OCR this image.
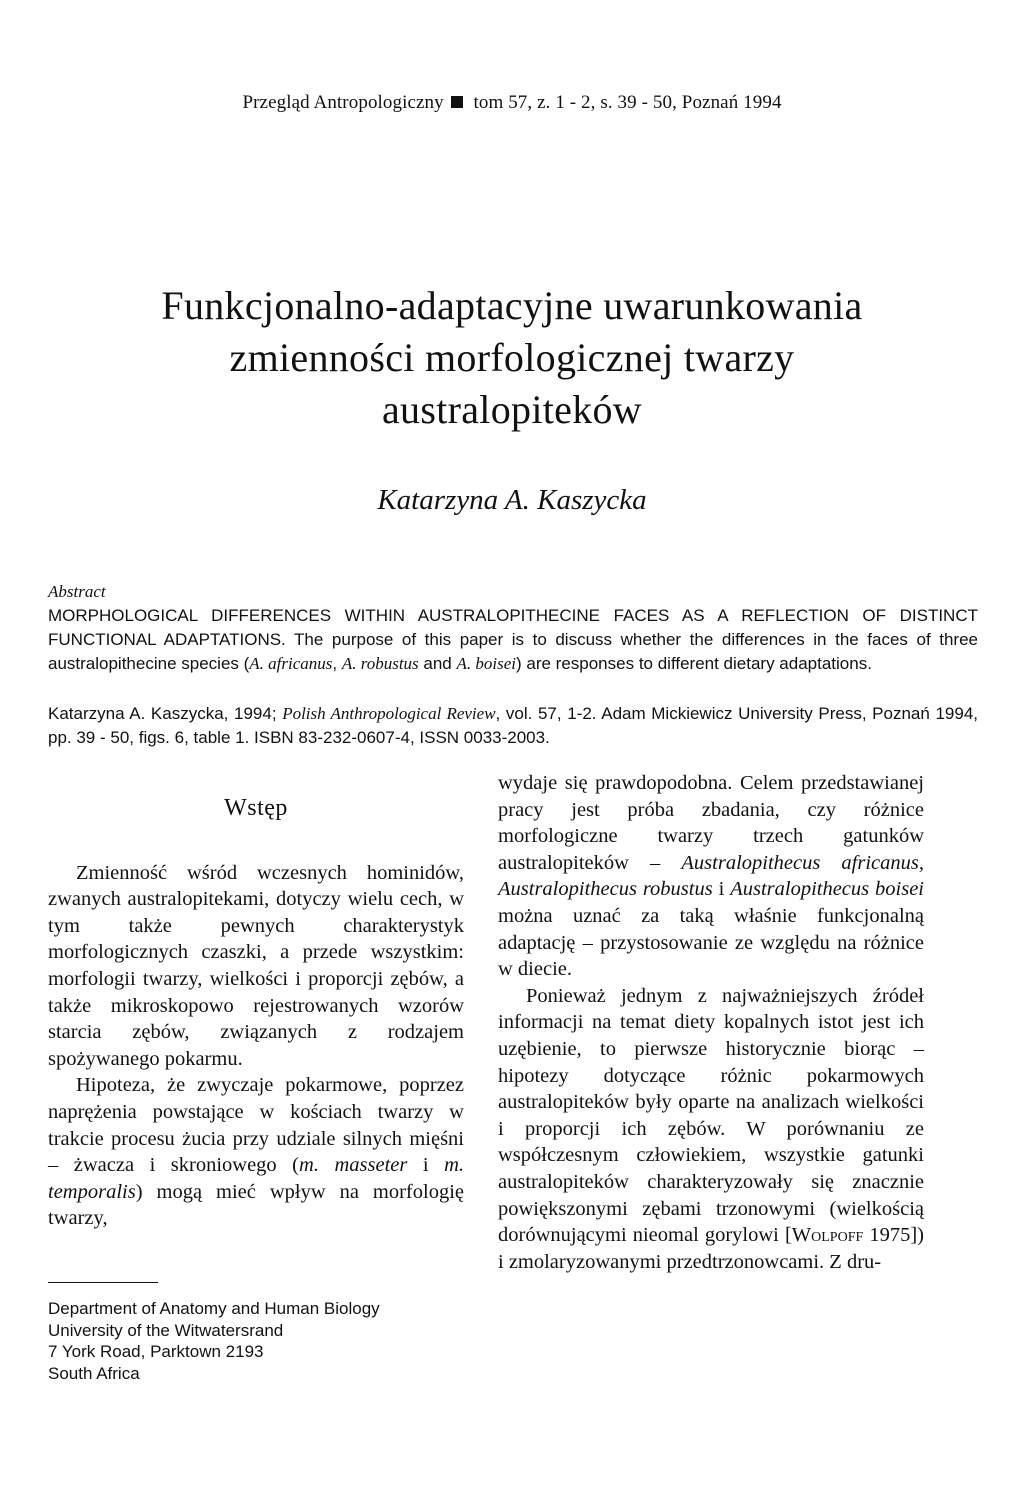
Przegląd Antropologiczny tom 57, z. 1 - 2, s. 39 - 50, Poznań 1994
Funkcjonalno-adaptacyjne uwarunkowania
zmienności morfologicznej twarzy
australopiteków
Katarzyna A. Kaszycka
Abstract

MORPHOLOGICAL DIFFERENCES WITHIN AUSTRALOPITHECINE FACES AS A REFLECTION OF DISTINCT FUNCTIONAL ADAPTATIONS. The purpose of this paper is to discuss whether the differences in the faces of three australopithecine species (A. africanus, A. robustus and A. boisei) are responses to different dietary adaptations.

Katarzyna A. Kaszycka, 1994; Polish Anthropological Review, vol. 57, 1-2. Adam Mickiewicz University Press, Poznań 1994, pp. 39 - 50, figs. 6, table 1. ISBN 83-232-0607-4, ISSN 0033-2003.
Wstęp

Zmienność wśród wczesnych hominidów, zwanych australopitekami, dotyczy wielu cech, w tym także pewnych charakterystyk morfologicznych czaszki, a przede wszystkim: morfologii twarzy, wielkości i proporcji zębów, a także mikroskopowo rejestrowanych wzorów starcia zębów, związanych z rodzajem spożywanego pokarmu.

Hipoteza, że zwyczaje pokarmowe, poprzez naprężenia powstające w kościach twarzy w trakcie procesu żucia przy udziale silnych mięśni – żwacza i skroniowego (m. masseter i m. temporalis) mogą mieć wpływ na morfologię twarzy,

wydaje się prawdopodobna. Celem przedstawianej pracy jest próba zbadania, czy różnice morfologiczne twarzy trzech gatunków australopiteków – Australopithecus africanus, Australopithecus robustus i Australopithecus boisei można uznać za taką właśnie funkcjonalną adaptację – przystosowanie ze względu na różnice w diecie.

Ponieważ jednym z najważniejszych źródeł informacji na temat diety kopalnych istot jest ich uzębienie, to pierwsze historycznie biorąc – hipotezy dotyczące różnic pokarmowych australopiteków były oparte na analizach wielkości i proporcji ich zębów. W porównaniu ze współczesnym człowiekiem, wszystkie gatunki australopiteków charakteryzowały się znacznie powiększonymi zębami trzonowymi (wielkością dorównującymi nieomal gorylowi [Wolpoff 1975]) i zmolaryzowanymi przedtrzonowcami. Z dru-

Department of Anatomy and Human Biology
University of the Witwatersrand
7 York Road, Parktown 2193
South Africa
